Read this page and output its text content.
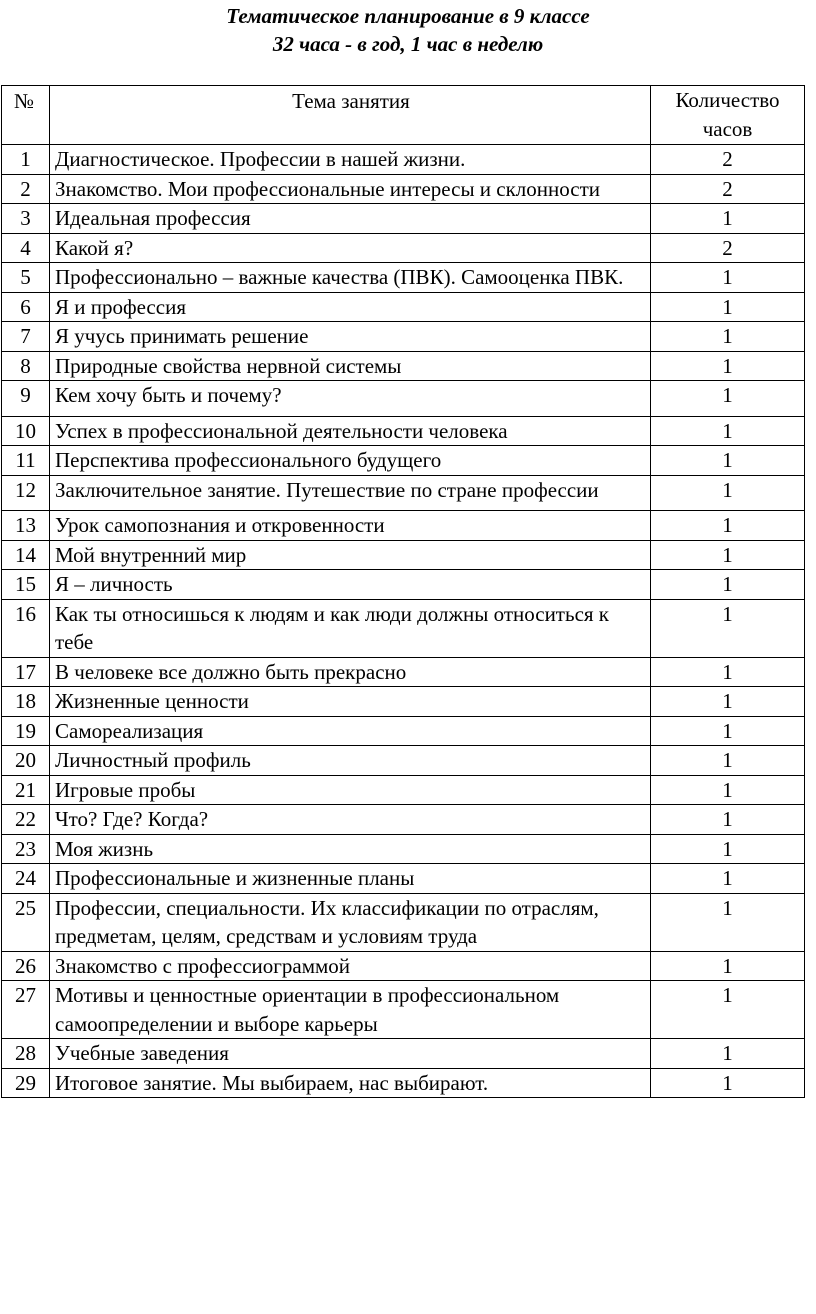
Тематическое планирование в 9 классе
32 часа - в год, 1 час в неделю
№	Тема занятия	Количество часов
1	Диагностическое. Профессии в нашей жизни.	2
2	Знакомство. Мои профессиональные интересы и склонности	2
3	Идеальная профессия	1
4	Какой я?	2
5	Профессионально – важные качества (ПВК). Самооценка ПВК.	1
6	Я и профессия	1
7	Я учусь принимать решение	1
8	Природные свойства нервной системы	1
9	Кем хочу быть и почему?	1
10	Успех в профессиональной деятельности человека	1
11	Перспектива профессионального будущего	1
12	Заключительное занятие. Путешествие по стране профессии	1
13	Урок самопознания и откровенности	1
14	Мой внутренний мир	1
15	Я – личность	1
16	Как ты относишься к людям и как люди должны относиться к тебе	1
17	В человеке все должно быть прекрасно	1
18	Жизненные ценности	1
19	Самореализация	1
20	Личностный профиль	1
21	Игровые пробы	1
22	Что? Где? Когда?	1
23	Моя жизнь	1
24	Профессиональные и жизненные планы	1
25	Профессии, специальности. Их классификации по отраслям, предметам, целям, средствам и условиям труда	1
26	Знакомство с профессиограммой	1
27	Мотивы и ценностные ориентации в профессиональном самоопределении и выборе карьеры	1
28	Учебные заведения	1
29	Итоговое занятие. Мы выбираем, нас выбирают.	1
